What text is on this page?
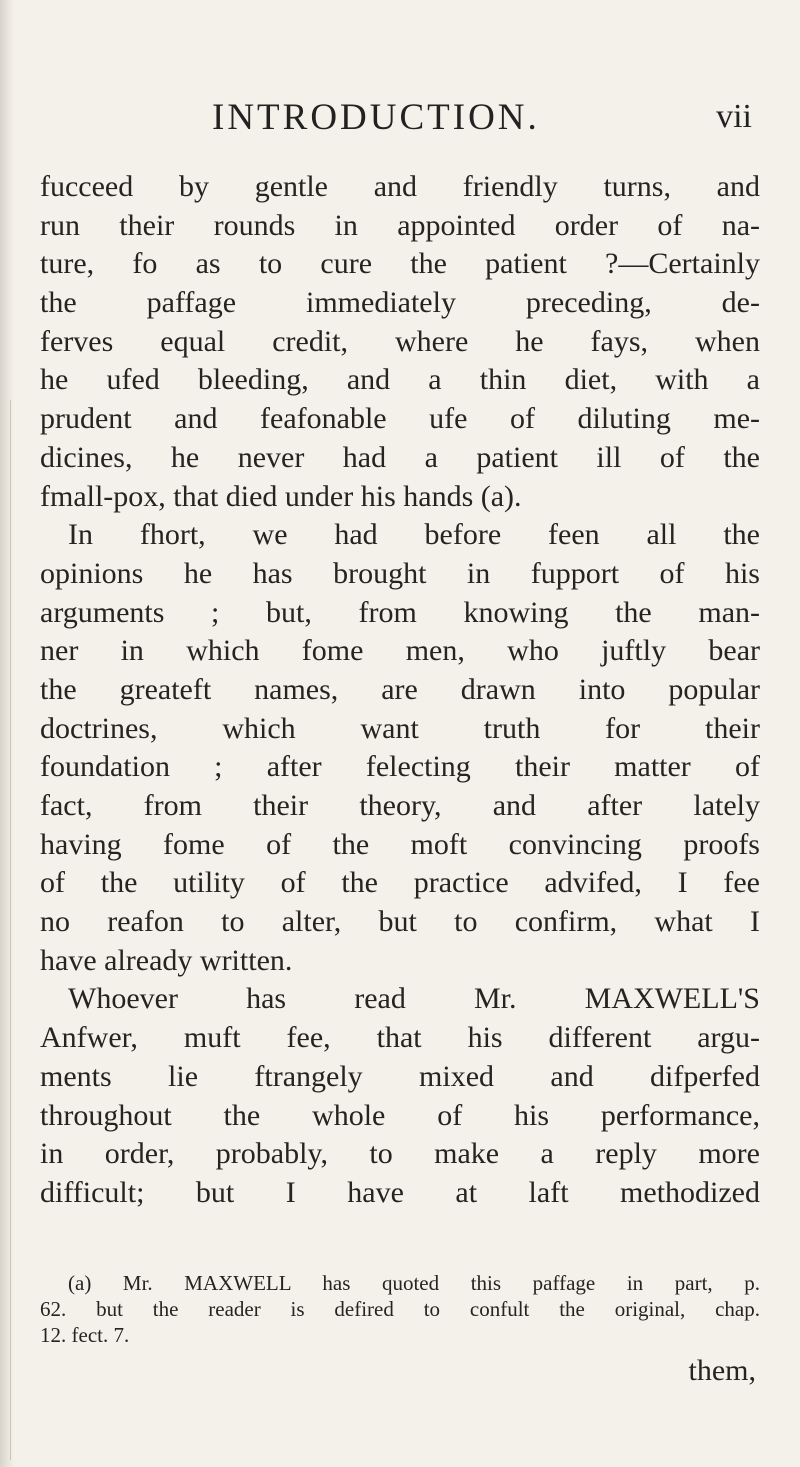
INTRODUCTION.	vii
fucceed by gentle and friendly turns, and
run their rounds in appointed order of na-
ture, fo as to cure the patient ?—Certainly
the paffage immediately preceding, de-
ferves equal credit, where he fays, when
he ufed bleeding, and a thin diet, with a
prudent and feafonable ufe of diluting me-
dicines, he never had a patient ill of the
fmall-pox, that died under his hands (a).
In fhort, we had before feen all the
opinions he has brought in fupport of his
arguments ; but, from knowing the man-
ner in which fome men, who juftly bear
the greateft names, are drawn into popular
doctrines, which want truth for their
foundation ; after felecting their matter of
fact, from their theory, and after lately
having fome of the moft convincing proofs
of the utility of the practice advifed, I fee
no reafon to alter, but to confirm, what I
have already written.
Whoever has read Mr. MAXWELL'S
Anfwer, muft fee, that his different argu-
ments lie ftrangely mixed and difperfed
throughout the whole of his performance,
in order, probably, to make a reply more
difficult; but I have at laft methodized
(a) Mr. MAXWELL has quoted this paffage in part, p.
62. but the reader is defired to confult the original, chap.
12. fect. 7.
them,
